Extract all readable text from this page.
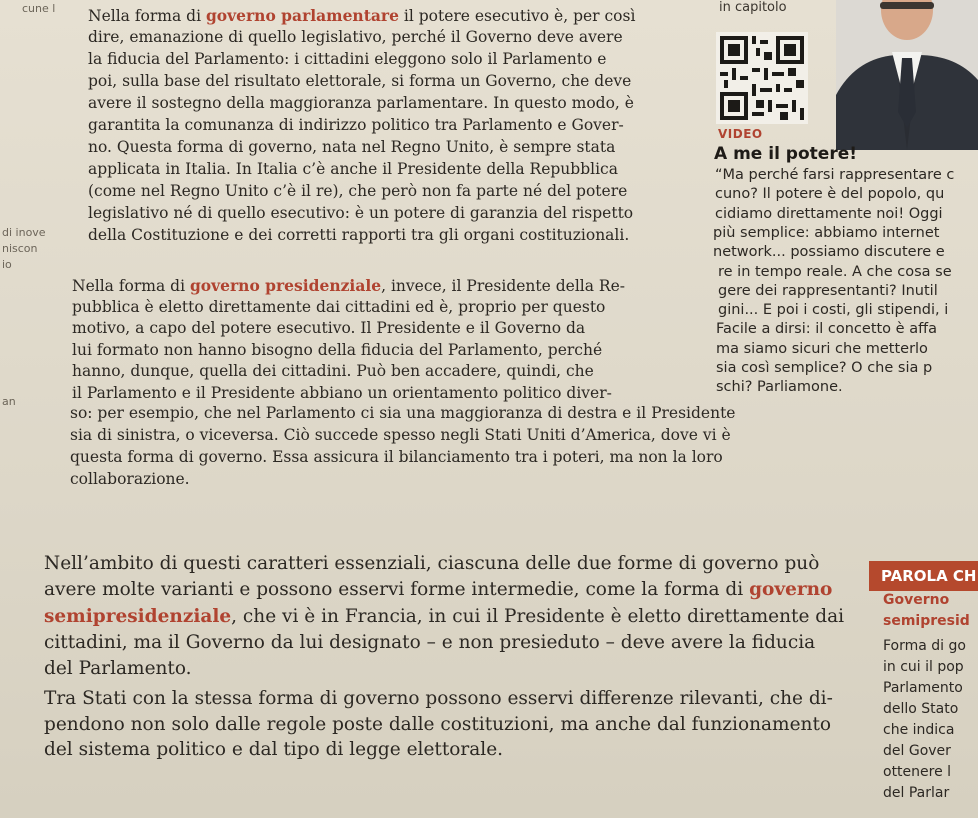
cune l
di inove
niscon
io
an
Nella forma di governo parlamentare il potere esecutivo è, per così
dire, emanazione di quello legislativo, perché il Governo deve avere
la fiducia del Parlamento: i cittadini eleggono solo il Parlamento e
poi, sulla base del risultato elettorale, si forma un Governo, che deve
avere il sostegno della maggioranza parlamentare. In questo modo, è
garantita la comunanza di indirizzo politico tra Parlamento e Gover-
no. Questa forma di governo, nata nel Regno Unito, è sempre stata
applicata in Italia. In Italia c’è anche il Presidente della Repubblica
(come nel Regno Unito c’è il re), che però non fa parte né del potere
legislativo né di quello esecutivo: è un potere di garanzia del rispetto
della Costituzione e dei corretti rapporti tra gli organi costituzionali.
Nella forma di governo presidenziale, invece, il Presidente della Re-
pubblica è eletto direttamente dai cittadini ed è, proprio per questo
motivo, a capo del potere esecutivo. Il Presidente e il Governo da
lui formato non hanno bisogno della fiducia del Parlamento, perché
hanno, dunque, quella dei cittadini. Può ben accadere, quindi, che
il Parlamento e il Presidente abbiano un orientamento politico diver-
so: per esempio, che nel Parlamento ci sia una maggioranza di destra e il Presidente
sia di sinistra, o viceversa. Ciò succede spesso negli Stati Uniti d’America, dove vi è
questa forma di governo. Essa assicura il bilanciamento tra i poteri, ma non la loro
collaborazione.
Nell’ambito di questi caratteri essenziali, ciascuna delle due forme di governo può
avere molte varianti e possono esservi forme intermedie, come la forma di governo
semipresidenziale, che vi è in Francia, in cui il Presidente è eletto direttamente dai
cittadini, ma il Governo da lui designato – e non presieduto – deve avere la fiducia
del Parlamento.
Tra Stati con la stessa forma di governo possono esservi differenze rilevanti, che di-
pendono non solo dalle regole poste dalle costituzioni, ma anche dal funzionamento
del sistema politico e dal tipo di legge elettorale.
in capitolo
VIDEO
A me il potere!
“Ma perché farsi rappresentare c
cuno? Il potere è del popolo, qu
cidiamo direttamente noi! Oggi
più semplice: abbiamo internet
network... possiamo discutere e
re in tempo reale. A che cosa se
gere dei rappresentanti? Inutil
gini... E poi i costi, gli stipendi, i
Facile a dirsi: il concetto è affa
ma siamo sicuri che metterlo
sia così semplice? O che sia p
schi? Parliamone.
PAROLA CH
Governo
semipresid
Forma di go
in cui il pop
Parlamento
dello Stato
che indica
del Gover
ottenere l
del Parlar
